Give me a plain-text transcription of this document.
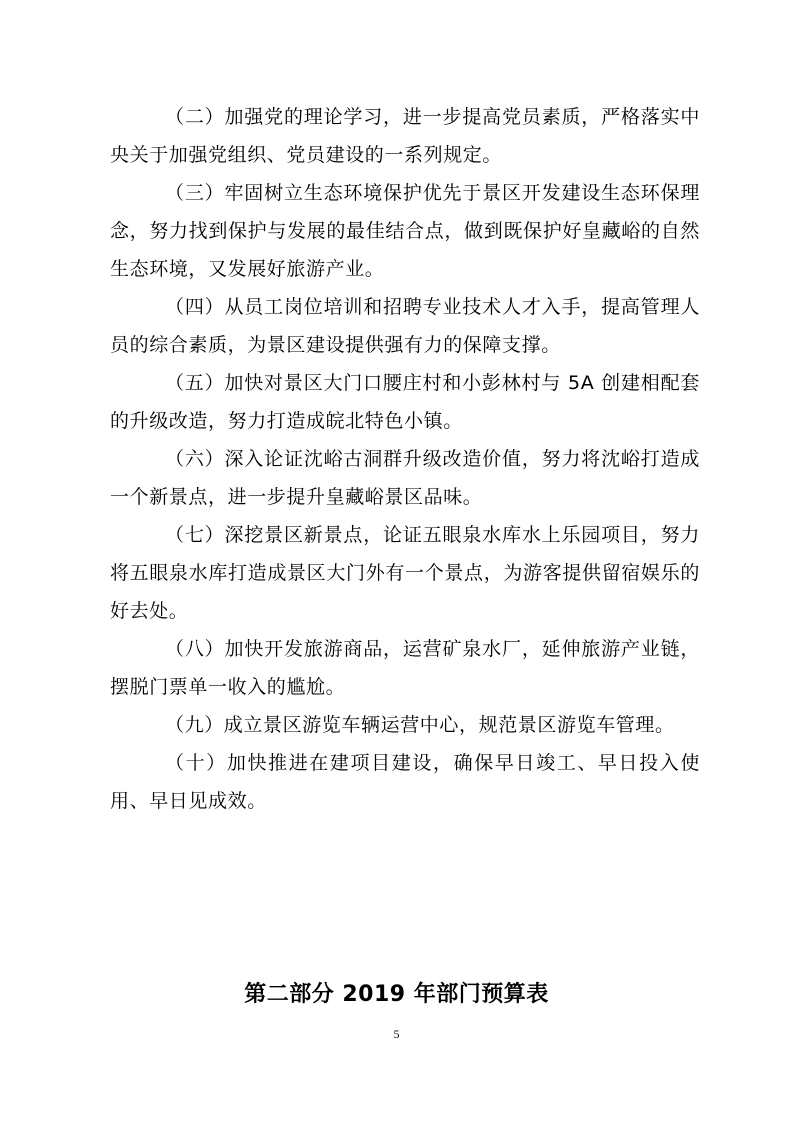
（二）加强党的理论学习，进一步提高党员素质，严格落实中央关于加强党组织、党员建设的一系列规定。

（三）牢固树立生态环境保护优先于景区开发建设生态环保理念，努力找到保护与发展的最佳结合点，做到既保护好皇藏峪的自然生态环境，又发展好旅游产业。

（四）从员工岗位培训和招聘专业技术人才入手，提高管理人员的综合素质，为景区建设提供强有力的保障支撑。

（五）加快对景区大门口腰庄村和小彭林村与 5A 创建相配套的升级改造，努力打造成皖北特色小镇。

（六）深入论证沈峪古洞群升级改造价值，努力将沈峪打造成一个新景点，进一步提升皇藏峪景区品味。

（七）深挖景区新景点，论证五眼泉水库水上乐园项目，努力将五眼泉水库打造成景区大门外有一个景点，为游客提供留宿娱乐的好去处。

（八）加快开发旅游商品，运营矿泉水厂，延伸旅游产业链，摆脱门票单一收入的尴尬。

（九）成立景区游览车辆运营中心，规范景区游览车管理。

（十）加快推进在建项目建设，确保早日竣工、早日投入使用、早日见成效。

第二部分 2019 年部门预算表
5
